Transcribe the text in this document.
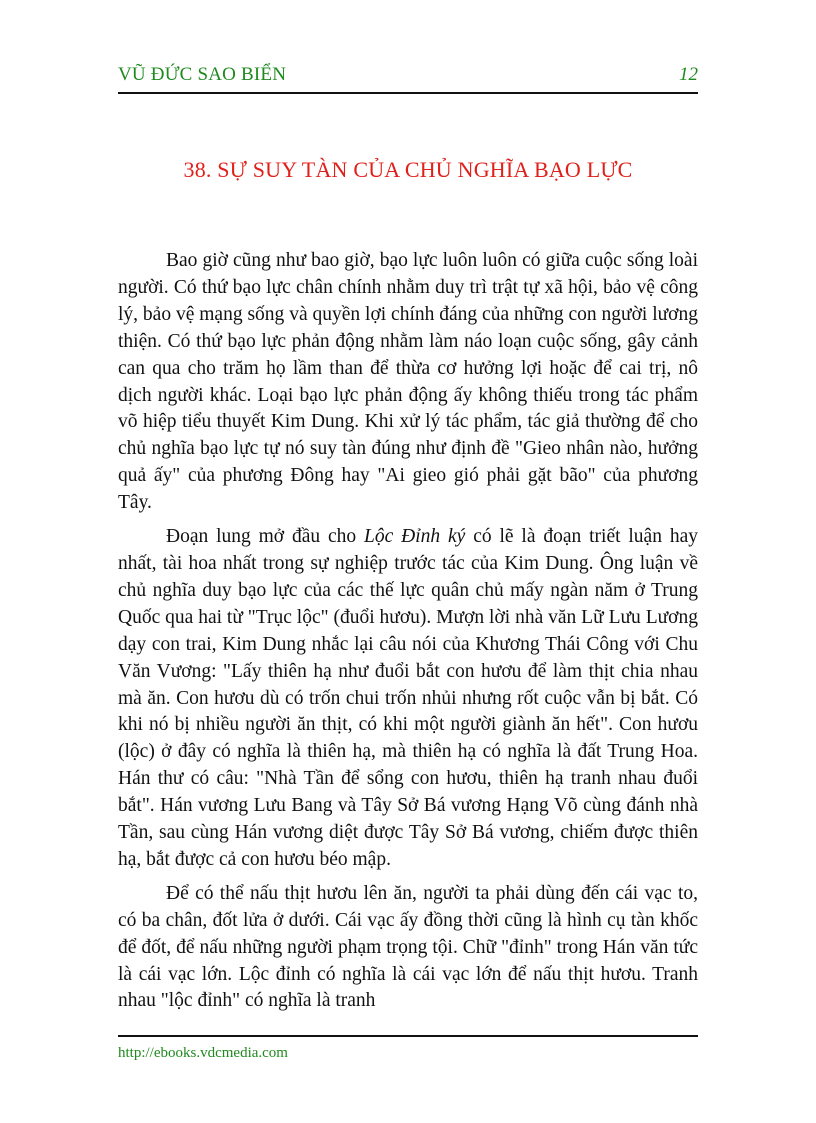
VŨ ĐỨC SAO BIỂN	12
38. SỰ SUY TÀN CỦA CHỦ NGHĨA BẠO LỰC

Bao giờ cũng như bao giờ, bạo lực luôn luôn có giữa cuộc sống loài người. Có thứ bạo lực chân chính nhằm duy trì trật tự xã hội, bảo vệ công lý, bảo vệ mạng sống và quyền lợi chính đáng của những con người lương thiện. Có thứ bạo lực phản động nhằm làm náo loạn cuộc sống, gây cảnh can qua cho trăm họ lầm than để thừa cơ hưởng lợi hoặc để cai trị, nô dịch người khác. Loại bạo lực phản động ấy không thiếu trong tác phẩm võ hiệp tiểu thuyết Kim Dung. Khi xử lý tác phẩm, tác giả thường để cho chủ nghĩa bạo lực tự nó suy tàn đúng như định đề "Gieo nhân nào, hưởng quả ấy" của phương Đông hay "Ai gieo gió phải gặt bão" của phương Tây.

Đoạn lung mở đầu cho Lộc Đỉnh ký có lẽ là đoạn triết luận hay nhất, tài hoa nhất trong sự nghiệp trước tác của Kim Dung. Ông luận về chủ nghĩa duy bạo lực của các thế lực quân chủ mấy ngàn năm ở Trung Quốc qua hai từ "Trục lộc" (đuổi hươu). Mượn lời nhà văn Lữ Lưu Lương dạy con trai, Kim Dung nhắc lại câu nói của Khương Thái Công với Chu Văn Vương: "Lấy thiên hạ như đuổi bắt con hươu để làm thịt chia nhau mà ăn. Con hươu dù có trốn chui trốn nhủi nhưng rốt cuộc vẫn bị bắt. Có khi nó bị nhiều người ăn thịt, có khi một người giành ăn hết". Con hươu (lộc) ở đây có nghĩa là thiên hạ, mà thiên hạ có nghĩa là đất Trung Hoa. Hán thư có câu: "Nhà Tần để sổng con hươu, thiên hạ tranh nhau đuổi bắt". Hán vương Lưu Bang và Tây Sở Bá vương Hạng Võ cùng đánh nhà Tần, sau cùng Hán vương diệt được Tây Sở Bá vương, chiếm được thiên hạ, bắt được cả con hươu béo mập.

Để có thể nấu thịt hươu lên ăn, người ta phải dùng đến cái vạc to, có ba chân, đốt lửa ở dưới. Cái vạc ấy đồng thời cũng là hình cụ tàn khốc để đốt, để nấu những người phạm trọng tội. Chữ "đỉnh" trong Hán văn tức là cái vạc lớn. Lộc đỉnh có nghĩa là cái vạc lớn để nấu thịt hươu. Tranh nhau "lộc đỉnh" có nghĩa là tranh

http://ebooks.vdcmedia.com
